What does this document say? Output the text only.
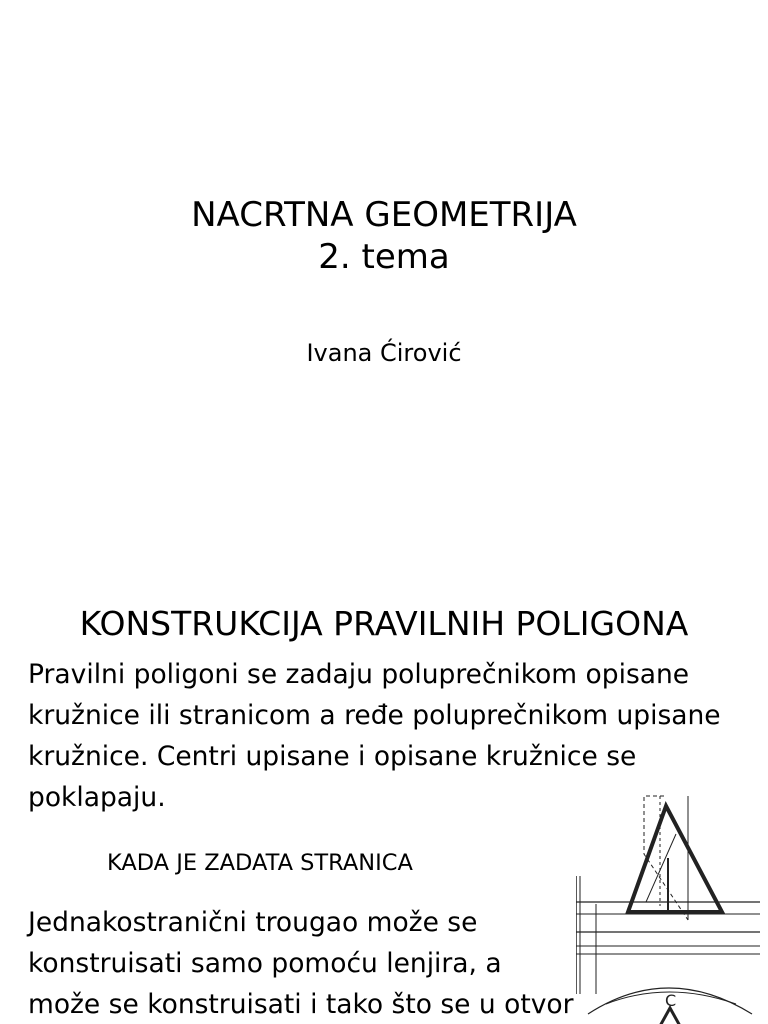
NACRTNA GEOMETRIJA
2. tema
Ivana Ćirović
KONSTRUKCIJA PRAVILNIH POLIGONA

Pravilni poligoni se zadaju poluprečnikom opisane kružnice ili stranicom a ređe poluprečnikom upisane kružnice. Centri upisane i opisane kružnice se poklapaju.

KADA JE ZADATA STRANICA

Jednakostranični trougao može se konstruisati samo pomoću lenjira, a može se konstruisati i tako što se u otvor	C
